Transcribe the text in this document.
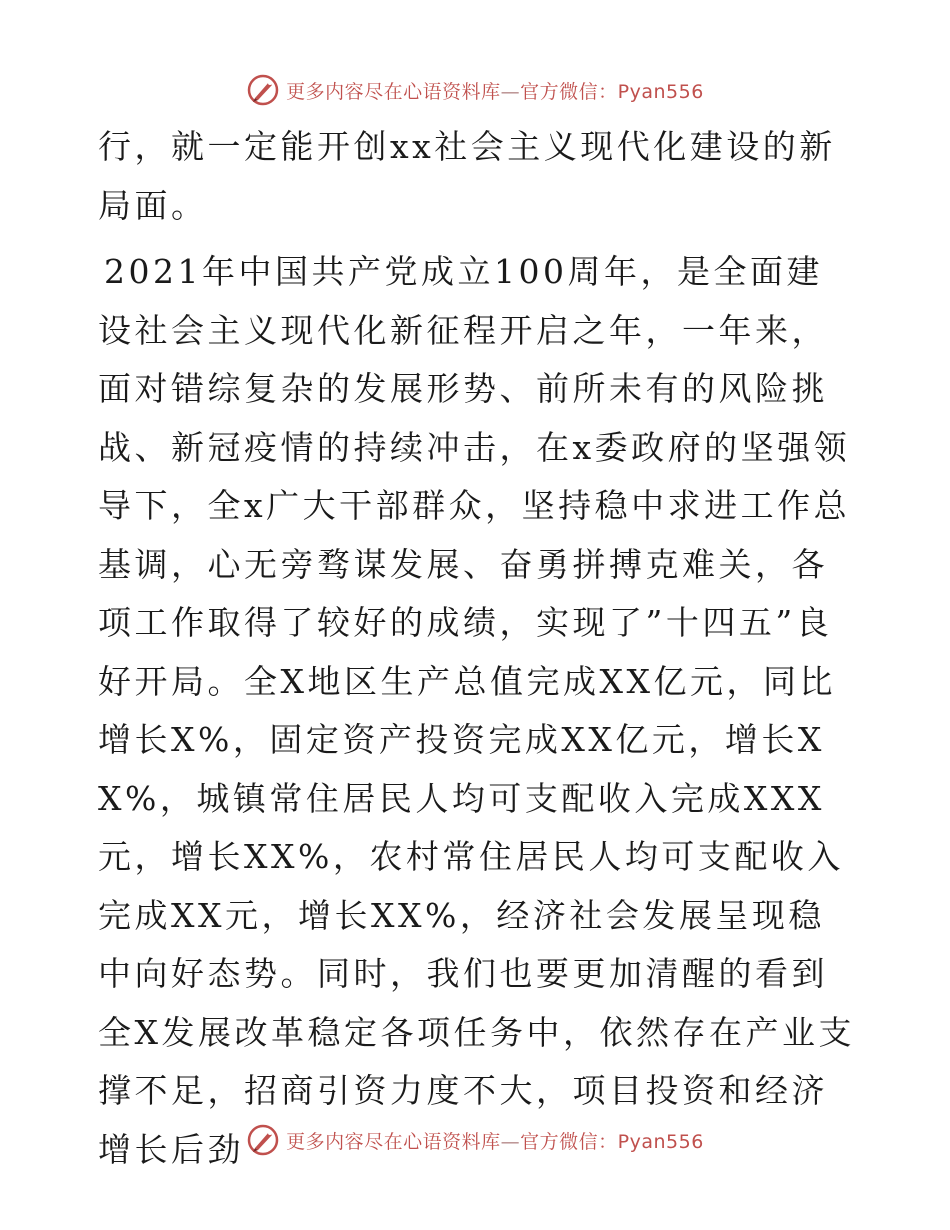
更多内容尽在心语资料库—官方微信：Pyan556

行，就一定能开创xx社会主义现代化建设的新局面。

2021年中国共产党成立100周年，是全面建设社会主义现代化新征程开启之年，一年来，面对错综复杂的发展形势、前所未有的风险挑战、新冠疫情的持续冲击，在x委政府的坚强领导下，全x广大干部群众，坚持稳中求进工作总基调，心无旁骛谋发展、奋勇拼搏克难关，各项工作取得了较好的成绩，实现了”十四五”良好开局。全X地区生产总值完成XX亿元，同比增长X%，固定资产投资完成XX亿元，增长XX%，城镇常住居民人均可支配收入完成XXX元，增长XX%，农村常住居民人均可支配收入完成XX元，增长XX%，经济社会发展呈现稳中向好态势。同时，我们也要更加清醒的看到全X发展改革稳定各项任务中，依然存在产业支撑不足，招商引资力度不大，项目投资和经济增长后劲	更多内容尽在心语资料库—官方微信：Pyan556
